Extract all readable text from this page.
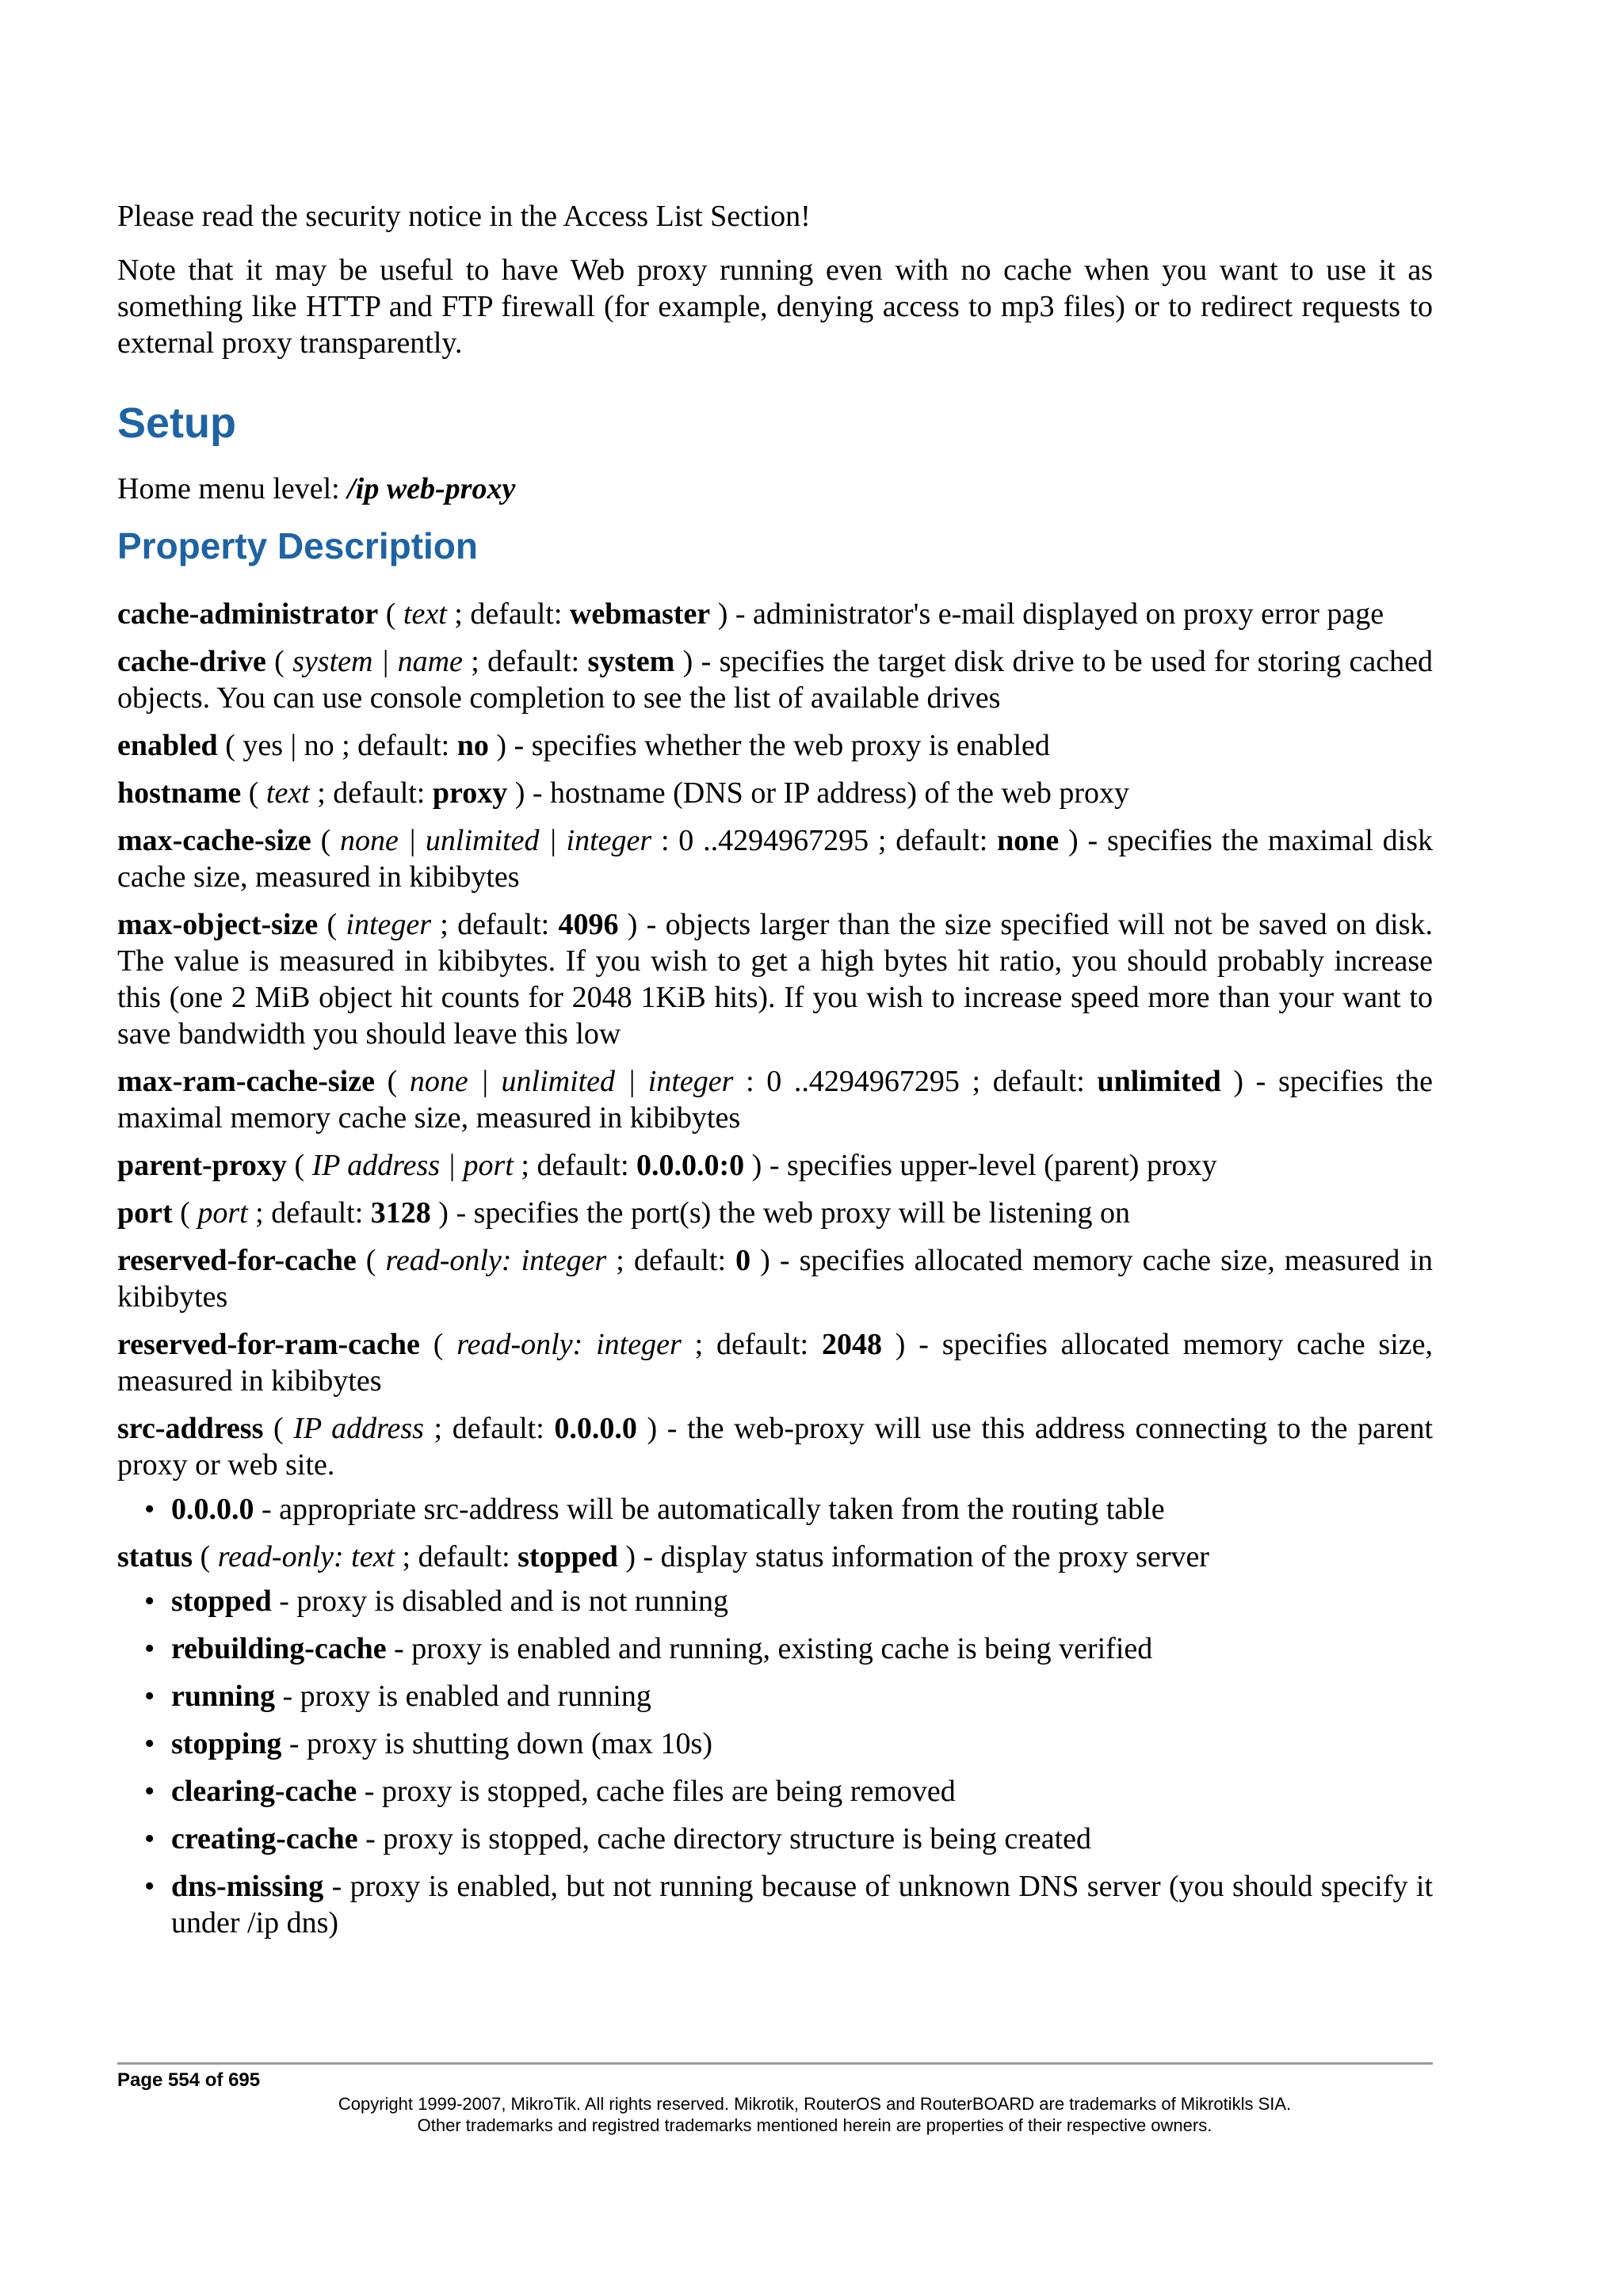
Please read the security notice in the Access List Section!

Note that it may be useful to have Web proxy running even with no cache when you want to use it as something like HTTP and FTP firewall (for example, denying access to mp3 files) or to redirect requests to external proxy transparently.

Setup

Home menu level: /ip web-proxy

Property Description

cache-administrator ( text ; default: webmaster ) - administrator's e-mail displayed on proxy error page

cache-drive ( system | name ; default: system ) - specifies the target disk drive to be used for storing cached objects. You can use console completion to see the list of available drives

enabled ( yes | no ; default: no ) - specifies whether the web proxy is enabled

hostname ( text ; default: proxy ) - hostname (DNS or IP address) of the web proxy

max-cache-size ( none | unlimited | integer : 0 ..4294967295 ; default: none ) - specifies the maximal disk cache size, measured in kibibytes

max-object-size ( integer ; default: 4096 ) - objects larger than the size specified will not be saved on disk. The value is measured in kibibytes. If you wish to get a high bytes hit ratio, you should probably increase this (one 2 MiB object hit counts for 2048 1KiB hits). If you wish to increase speed more than your want to save bandwidth you should leave this low

max-ram-cache-size ( none | unlimited | integer : 0 ..4294967295 ; default: unlimited ) - specifies the maximal memory cache size, measured in kibibytes

parent-proxy ( IP address | port ; default: 0.0.0.0:0 ) - specifies upper-level (parent) proxy

port ( port ; default: 3128 ) - specifies the port(s) the web proxy will be listening on

reserved-for-cache ( read-only: integer ; default: 0 ) - specifies allocated memory cache size, measured in kibibytes

reserved-for-ram-cache ( read-only: integer ; default: 2048 ) - specifies allocated memory cache size, measured in kibibytes

src-address ( IP address ; default: 0.0.0.0 ) - the web-proxy will use this address connecting to the parent proxy or web site.

• 0.0.0.0 - appropriate src-address will be automatically taken from the routing table

status ( read-only: text ; default: stopped ) - display status information of the proxy server

• stopped - proxy is disabled and is not running
• rebuilding-cache - proxy is enabled and running, existing cache is being verified
• running - proxy is enabled and running
• stopping - proxy is shutting down (max 10s)
• clearing-cache - proxy is stopped, cache files are being removed
• creating-cache - proxy is stopped, cache directory structure is being created
• dns-missing - proxy is enabled, but not running because of unknown DNS server (you should specify it under /ip dns)
Page 554 of 695
Copyright 1999-2007, MikroTik. All rights reserved. Mikrotik, RouterOS and RouterBOARD are trademarks of Mikrotikls SIA.
Other trademarks and registred trademarks mentioned herein are properties of their respective owners.
